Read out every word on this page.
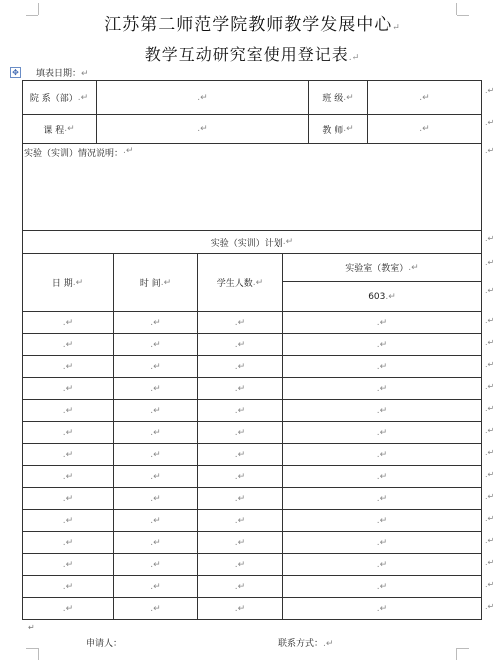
江苏第二师范学院教师教学发展中心↵
教学互动研究室使用登记表.↵
✥ 填表日期：↵
院 系（部） .↵	.↵	班 级 .↵	.↵
课 程 .↵	.↵	教 师 .↵	.↵
实验（实训）情况说明： .↵
实验（实训）计划 .↵
日 期 .↵	时 间 .↵	学生人数 .↵
实验室（教室） .↵
603 .↵
.↵	.↵	.↵	.↵
.↵	.↵	.↵	.↵
.↵	.↵	.↵	.↵
.↵	.↵	.↵	.↵
.↵	.↵	.↵	.↵
.↵	.↵	.↵	.↵
.↵	.↵	.↵	.↵
.↵	.↵	.↵	.↵
.↵	.↵	.↵	.↵
.↵	.↵	.↵	.↵
.↵	.↵	.↵	.↵
.↵	.↵	.↵	.↵
.↵	.↵	.↵	.↵
.↵	.↵	.↵	.↵
.↵
.↵
.↵
.↵
.↵
.↵
.↵
.↵
.↵
.↵
.↵
.↵
.↵
.↵
.↵
.↵
.↵
.↵
.↵
.↵
↵
申请人：	联系方式：.↵
